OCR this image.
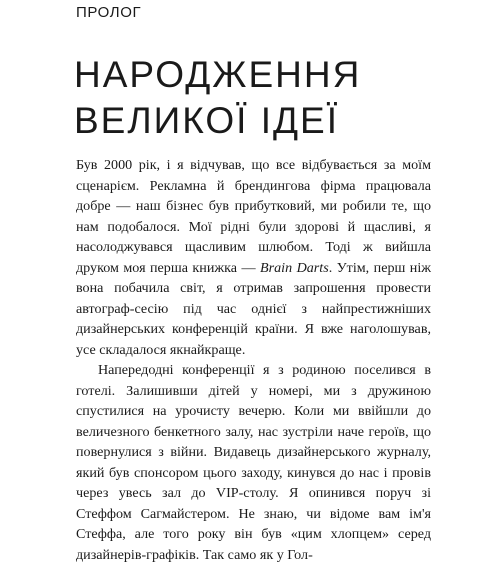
ПРОЛОГ
НАРОДЖЕННЯ
ВЕЛИКОЇ ІДЕЇ

Був 2000 рік, і я відчував, що все відбувається за моїм сценарієм. Рекламна й брендингова фірма працювала добре — наш бізнес був прибутковий, ми робили те, що нам подобалося. Мої рідні були здорові й щасливі, я насолоджувався щасливим шлюбом. Тоді ж вийшла друком моя перша книжка — Brain Darts. Утім, перш ніж вона побачила світ, я отримав запрошення провести автограф-сесію під час однієї з найпрестижніших дизайнерських конференцій країни. Я вже наголошував, усе складалося якнайкраще.

Напередодні конференції я з родиною поселився в готелі. Залишивши дітей у номері, ми з дружиною спустилися на урочисту вечерю. Коли ми ввійшли до величезного бенкетного залу, нас зустріли наче героїв, що повернулися з війни. Видавець дизайнерського журналу, який був спонсором цього заходу, кинувся до нас і провів через увесь зал до VIP-столу. Я опинився поруч зі Стеффом Сагмайстером. Не знаю, чи відоме вам ім'я Стеффа, але того року він був «цим хлопцем» серед дизайнерів-графіків. Так само як у Гол-
